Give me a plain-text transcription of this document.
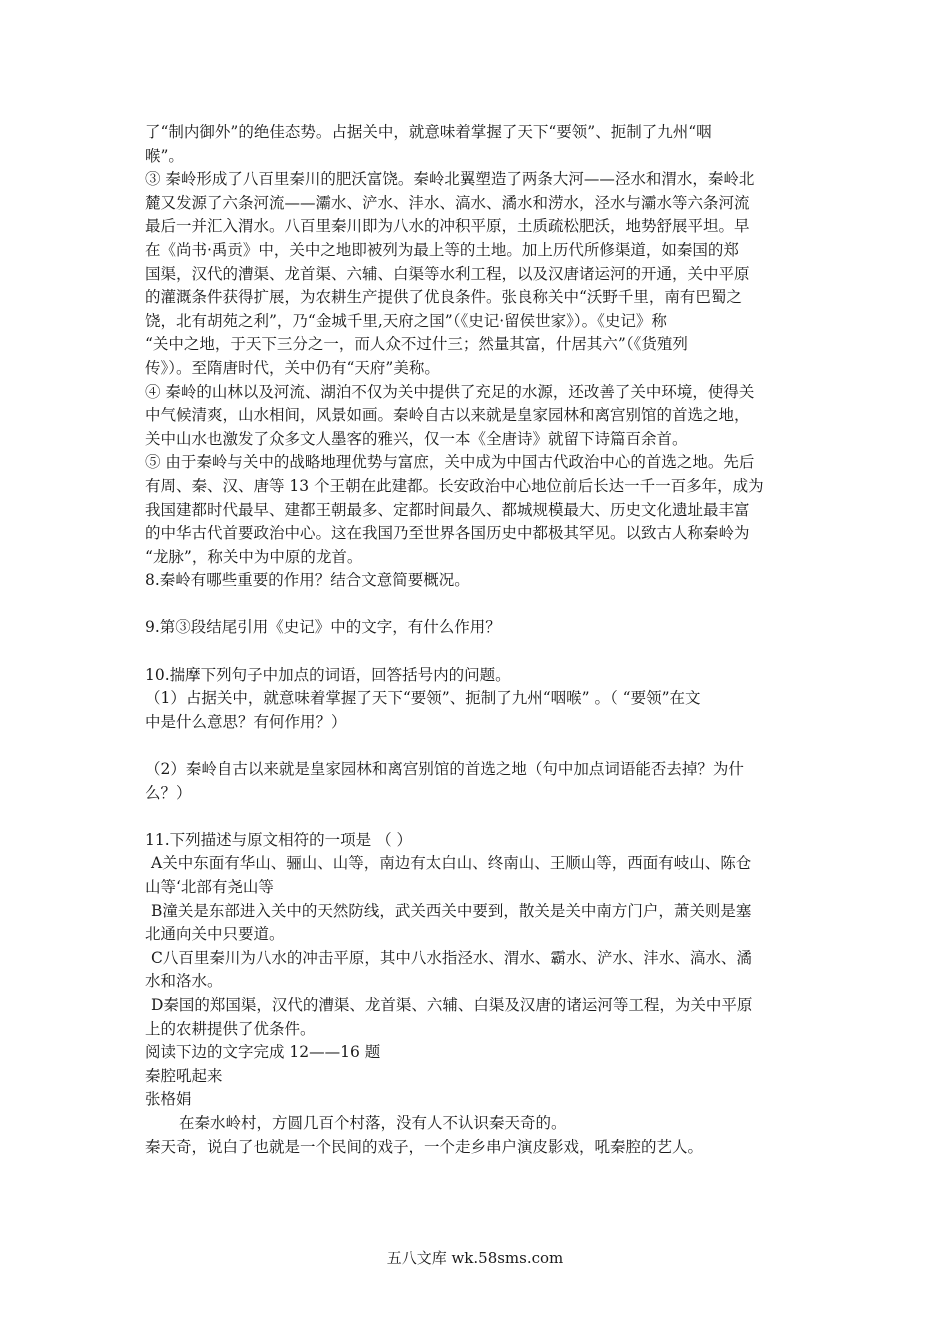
了“制内御外”的绝佳态势。占据关中，就意味着掌握了天下“要领”、扼制了九州“咽
喉”。
③ 秦岭形成了八百里秦川的肥沃富饶。秦岭北翼塑造了两条大河——泾水和渭水，秦岭北
麓又发源了六条河流——灞水、浐水、沣水、滈水、潏水和涝水，泾水与灞水等六条河流
最后一并汇入渭水。八百里秦川即为八水的冲积平原，土质疏松肥沃，地势舒展平坦。早
在《尚书·禹贡》中，关中之地即被列为最上等的土地。加上历代所修渠道，如秦国的郑
国渠，汉代的漕渠、龙首渠、六辅、白渠等水利工程，以及汉唐诸运河的开通，关中平原
的灌溉条件获得扩展，为农耕生产提供了优良条件。张良称关中“沃野千里，南有巴蜀之
饶，北有胡苑之利”，乃“金城千里,天府之国”（《史记·留侯世家》）。《史记》称
“关中之地，于天下三分之一，而人众不过什三；然量其富，什居其六”（《货殖列
传》）。至隋唐时代，关中仍有“天府”美称。
④ 秦岭的山林以及河流、湖泊不仅为关中提供了充足的水源，还改善了关中环境，使得关
中气候清爽，山水相间，风景如画。秦岭自古以来就是皇家园林和离宫别馆的首选之地，
关中山水也激发了众多文人墨客的雅兴，仅一本《全唐诗》就留下诗篇百余首。
⑤ 由于秦岭与关中的战略地理优势与富庶，关中成为中国古代政治中心的首选之地。先后
有周、秦、汉、唐等 13 个王朝在此建都。长安政治中心地位前后长达一千一百多年，成为
我国建都时代最早、建都王朝最多、定都时间最久、都城规模最大、历史文化遗址最丰富
的中华古代首要政治中心。这在我国乃至世界各国历史中都极其罕见。以致古人称秦岭为
“龙脉”，称关中为中原的龙首。
8.秦岭有哪些重要的作用？结合文意简要概况。
9.第③段结尾引用《史记》中的文字，有什么作用？
10.揣摩下列句子中加点的词语，回答括号内的问题。
（1）占据关中，就意味着掌握了天下“要领”、扼制了九州“咽喉” 。（ “要领”在文
中是什么意思？有何作用？）
（2）秦岭自古以来就是皇家园林和离宫别馆的首选之地（句中加点词语能否去掉？为什
么？）
11.下列描述与原文相符的一项是 （ ）
A关中东面有华山、骊山、山等，南边有太白山、终南山、王顺山等，西面有岐山、陈仓
山等‘北部有尧山等
B潼关是东部进入关中的天然防线，武关西关中要到，散关是关中南方门户，萧关则是塞
北通向关中只要道。
C八百里秦川为八水的冲击平原，其中八水指泾水、渭水、霸水、浐水、沣水、滈水、潏
水和洛水。
D秦国的郑国渠，汉代的漕渠、龙首渠、六辅、白渠及汉唐的诸运河等工程，为关中平原
上的农耕提供了优条件。
阅读下边的文字完成 12——16 题
秦腔吼起来
张格娟
在秦水岭村，方圆几百个村落，没有人不认识秦天奇的。
秦天奇，说白了也就是一个民间的戏子，一个走乡串户演皮影戏，吼秦腔的艺人。
五八文库 wk.58sms.com
